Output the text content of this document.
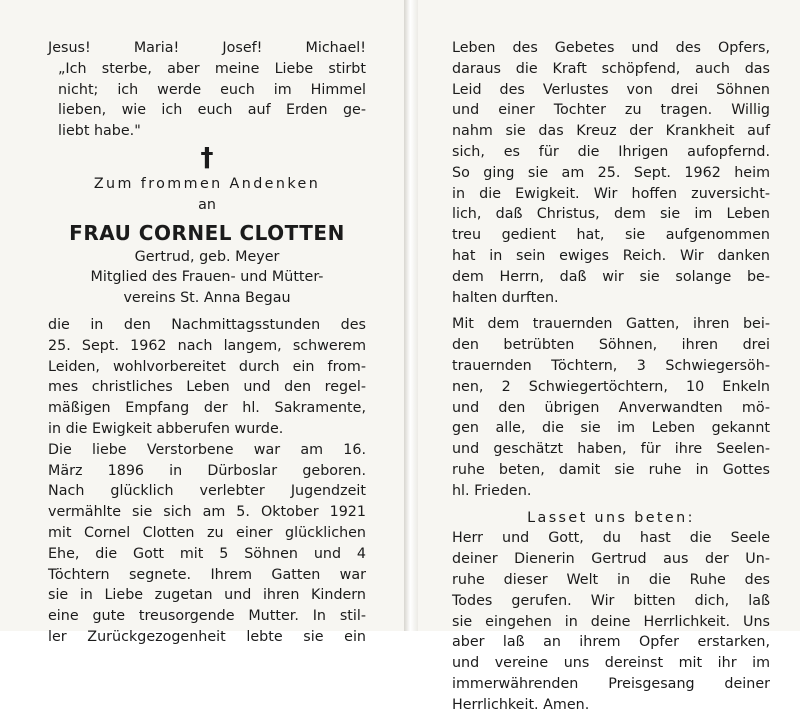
Jesus!	Maria!	Josef!	Michael!
„Ich sterbe, aber meine Liebe stirbt
nicht; ich werde euch im Himmel
lieben, wie ich euch auf Erden ge-
liebt habe."
†
Zum frommen Andenken
an
FRAU CORNEL CLOTTEN
Gertrud, geb. Meyer
Mitglied des Frauen- und Mütter-
vereins St. Anna Begau
die in den Nachmittagsstunden des
25. Sept. 1962 nach langem, schwerem
Leiden, wohlvorbereitet durch ein from-
mes christliches Leben und den regel-
mäßigen Empfang der hl. Sakramente,
in die Ewigkeit abberufen wurde.
Die liebe Verstorbene war am 16.
März 1896 in Dürboslar geboren.
Nach glücklich verlebter Jugendzeit
vermählte sie sich am 5. Oktober 1921
mit Cornel Clotten zu einer glücklichen
Ehe, die Gott mit 5 Söhnen und 4
Töchtern segnete. Ihrem Gatten war
sie in Liebe zugetan und ihren Kindern
eine gute treusorgende Mutter. In stil-
ler Zurückgezogenheit lebte sie ein
Leben des Gebetes und des Opfers,
daraus die Kraft schöpfend, auch das
Leid des Verlustes von drei Söhnen
und einer Tochter zu tragen. Willig
nahm sie das Kreuz der Krankheit auf
sich, es für die Ihrigen aufopfernd.
So ging sie am 25. Sept. 1962 heim
in die Ewigkeit. Wir hoffen zuversicht-
lich, daß Christus, dem sie im Leben
treu gedient hat, sie aufgenommen
hat in sein ewiges Reich. Wir danken
dem Herrn, daß wir sie solange be-
halten durften.
Mit dem trauernden Gatten, ihren bei-
den betrübten Söhnen, ihren drei
trauernden Töchtern, 3 Schwiegersöh-
nen, 2 Schwiegertöchtern, 10 Enkeln
und den übrigen Anverwandten mö-
gen alle, die sie im Leben gekannt
und geschätzt haben, für ihre Seelen-
ruhe beten, damit sie ruhe in Gottes
hl. Frieden.
Lasset uns beten:
Herr und Gott, du hast die Seele
deiner Dienerin Gertrud aus der Un-
ruhe dieser Welt in die Ruhe des
Todes gerufen. Wir bitten dich, laß
sie eingehen in deine Herrlichkeit. Uns
aber laß an ihrem Opfer erstarken,
und vereine uns dereinst mit ihr im
immerwährenden Preisgesang deiner
Herrlichkeit. Amen.
